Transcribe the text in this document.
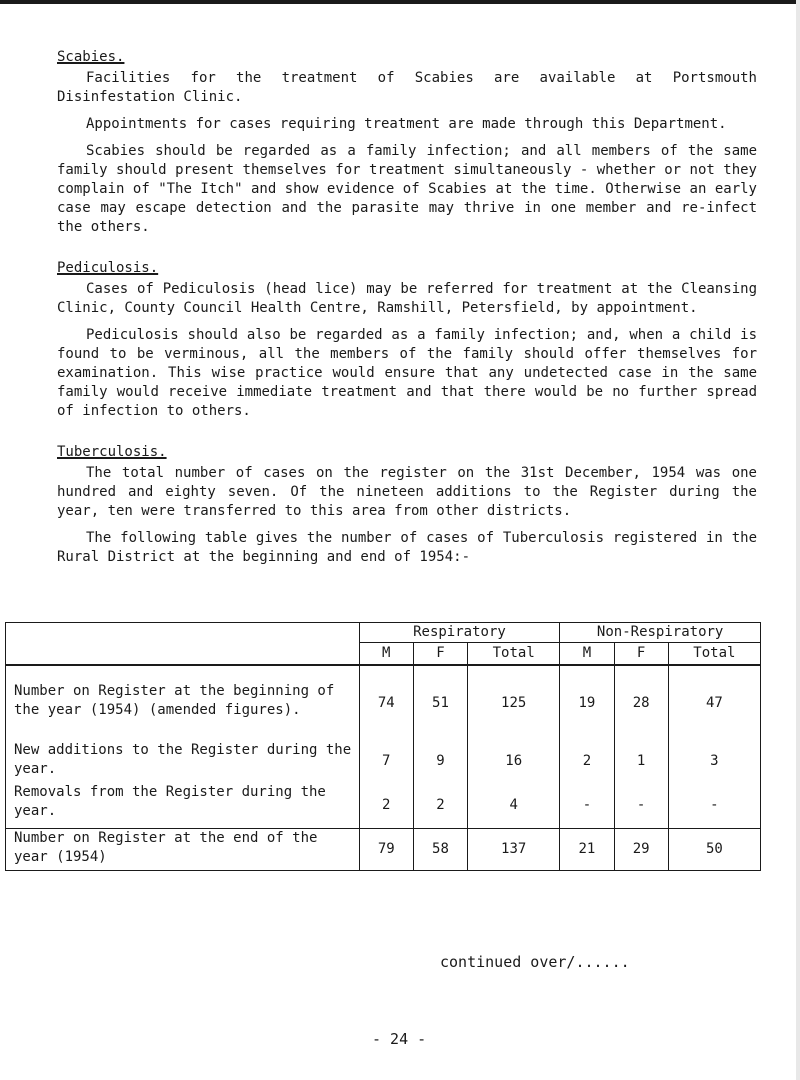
Scabies.

Facilities for the treatment of Scabies are available at Portsmouth Disinfestation Clinic.

Appointments for cases requiring treatment are made through this Department.

Scabies should be regarded as a family infection; and all members of the same family should present themselves for treatment simultaneously - whether or not they complain of "The Itch" and show evidence of Scabies at the time. Otherwise an early case may escape detection and the parasite may thrive in one member and re-infect the others.

Pediculosis.

Cases of Pediculosis (head lice) may be referred for treatment at the Cleansing Clinic, County Council Health Centre, Ramshill, Petersfield, by appointment.

Pediculosis should also be regarded as a family infection; and, when a child is found to be verminous, all the members of the family should offer themselves for examination. This wise practice would ensure that any undetected case in the same family would receive immediate treatment and that there would be no further spread of infection to others.

Tuberculosis.

The total number of cases on the register on the 31st December, 1954 was one hundred and eighty seven. Of the nineteen additions to the Register during the year, ten were transferred to this area from other districts.

The following table gives the number of cases of Tuberculosis registered in the Rural District at the beginning and end of 1954:-

	Respiratory			Non-Respiratory		
	M	F	Total	M	F	Total
Number on Register at the beginning of the year (1954) (amended figures).	74	51	125	19	28	47
New additions to the Register during the year.	7	9	16	2	1	3
Removals from the Register during the year.	2	2	4	-	-	-
Number on Register at the end of the year (1954)	79	58	137	21	29	50
continued over/......
- 24 -
